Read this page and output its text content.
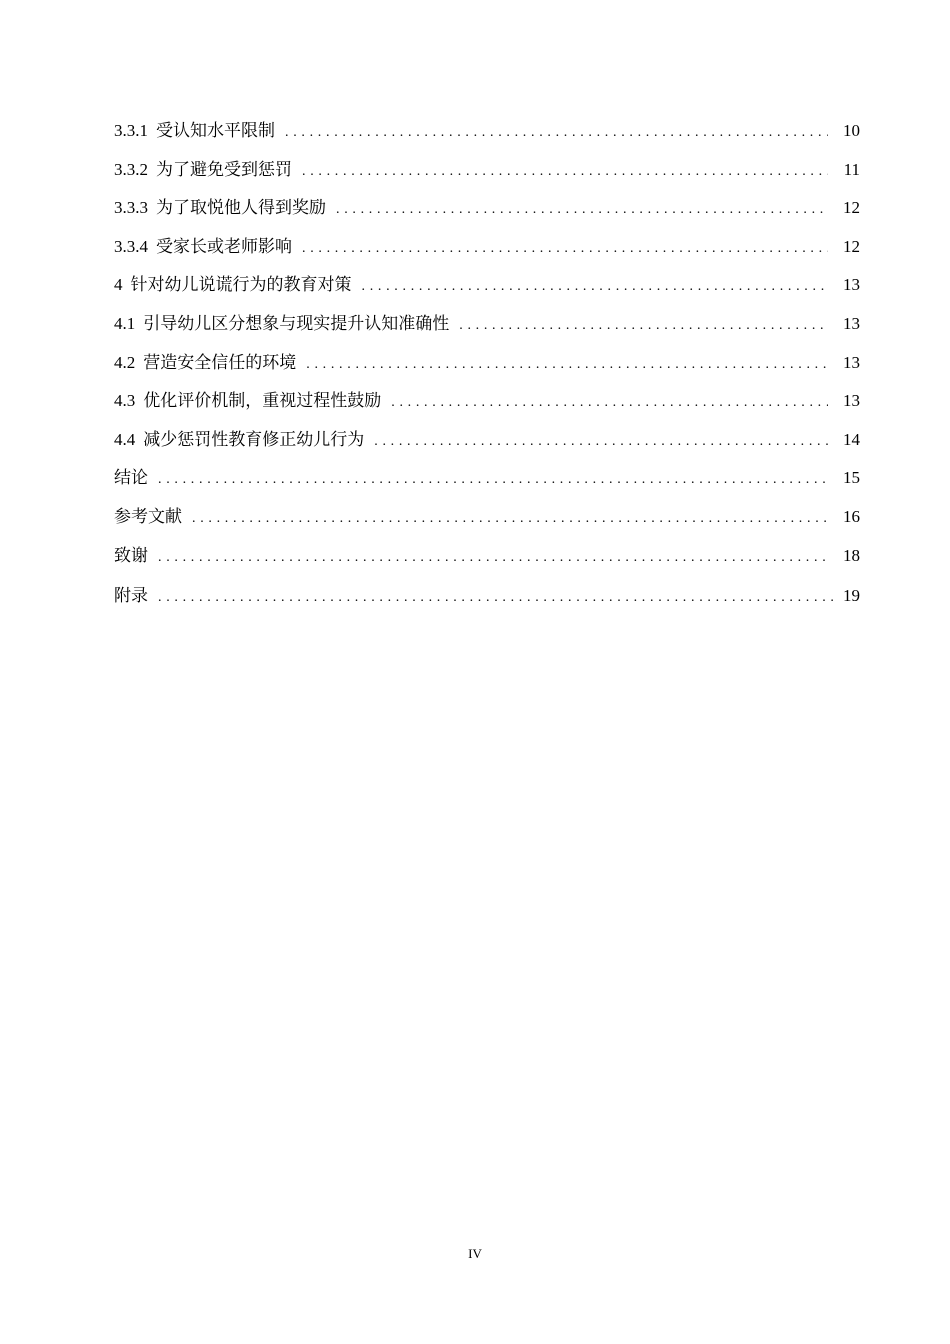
3.3.1 受认知水平限制 . . .	10
3.3.2 为了避免受到惩罚 . . .	11
3.3.3 为了取悦他人得到奖励 . . .	12
3.3.4 受家长或老师影响 . . .	12
4 针对幼儿说谎行为的教育对策 . . .	13
4.1 引导幼儿区分想象与现实提升认知准确性 . . .	13
4.2 营造安全信任的环境 . . .	13
4.3 优化评价机制，重视过程性鼓励 . . .	13
4.4 减少惩罚性教育修正幼儿行为 . . .	14
结论 . . .	15
参考文献 . . .	16
致谢 . . .	18
附录 . . .	19
IV
